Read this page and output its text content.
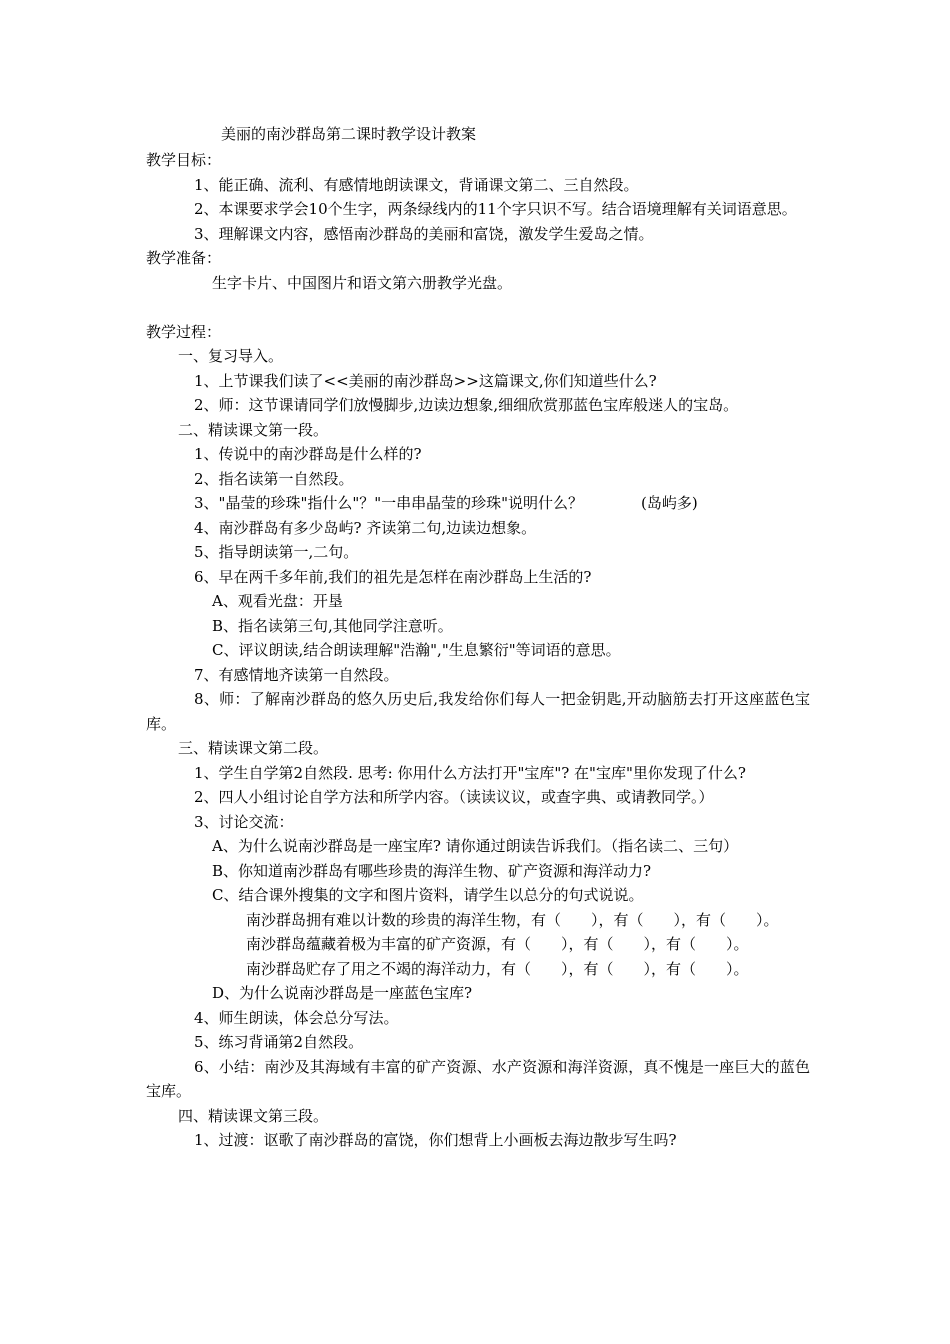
美丽的南沙群岛第二课时教学设计教案
教学目标：
1、能正确、流利、有感情地朗读课文，背诵课文第二、三自然段。
2、本课要求学会10个生字，两条绿线内的11个字只识不写。结合语境理解有关词语意思。
3、理解课文内容，感悟南沙群岛的美丽和富饶，激发学生爱岛之情。
教学准备：
生字卡片、中国图片和语文第六册教学光盘。
教学过程：
一、复习导入。
1、上节课我们读了<<美丽的南沙群岛>>这篇课文,你们知道些什么?
2、师：这节课请同学们放慢脚步,边读边想象,细细欣赏那蓝色宝库般迷人的宝岛。
二、精读课文第一段。
1、传说中的南沙群岛是什么样的?
2、指名读第一自然段。
3、"晶莹的珍珠"指什么"？"一串串晶莹的珍珠"说明什么？	(岛屿多)
4、南沙群岛有多少岛屿? 齐读第二句,边读边想象。
5、指导朗读第一,二句。
6、早在两千多年前,我们的祖先是怎样在南沙群岛上生活的?
A、观看光盘：开垦
B、指名读第三句,其他同学注意听。
C、评议朗读,结合朗读理解"浩瀚","生息繁衍"等词语的意思。
7、有感情地齐读第一自然段。
8、师：了解南沙群岛的悠久历史后,我发给你们每人一把金钥匙,开动脑筋去打开这座蓝色宝库。
三、精读课文第二段。
1、学生自学第2自然段. 思考: 你用什么方法打开"宝库"? 在"宝库"里你发现了什么?
2、四人小组讨论自学方法和所学内容。（读读议议，或查字典、或请教同学。）
3、讨论交流：
A、为什么说南沙群岛是一座宝库? 请你通过朗读告诉我们。（指名读二、三句）
B、你知道南沙群岛有哪些珍贵的海洋生物、矿产资源和海洋动力?
C、结合课外搜集的文字和图片资料，请学生以总分的句式说说。
南沙群岛拥有难以计数的珍贵的海洋生物，有（　　），有（　　），有（　　）。
南沙群岛蕴藏着极为丰富的矿产资源，有（　　），有（　　），有（　　）。
南沙群岛贮存了用之不竭的海洋动力，有（　　），有（　　），有（　　）。
D、为什么说南沙群岛是一座蓝色宝库?
4、师生朗读，体会总分写法。
5、练习背诵第2自然段。
6、小结：南沙及其海域有丰富的矿产资源、水产资源和海洋资源，真不愧是一座巨大的蓝色宝库。
四、精读课文第三段。
1、过渡：讴歌了南沙群岛的富饶，你们想背上小画板去海边散步写生吗?
